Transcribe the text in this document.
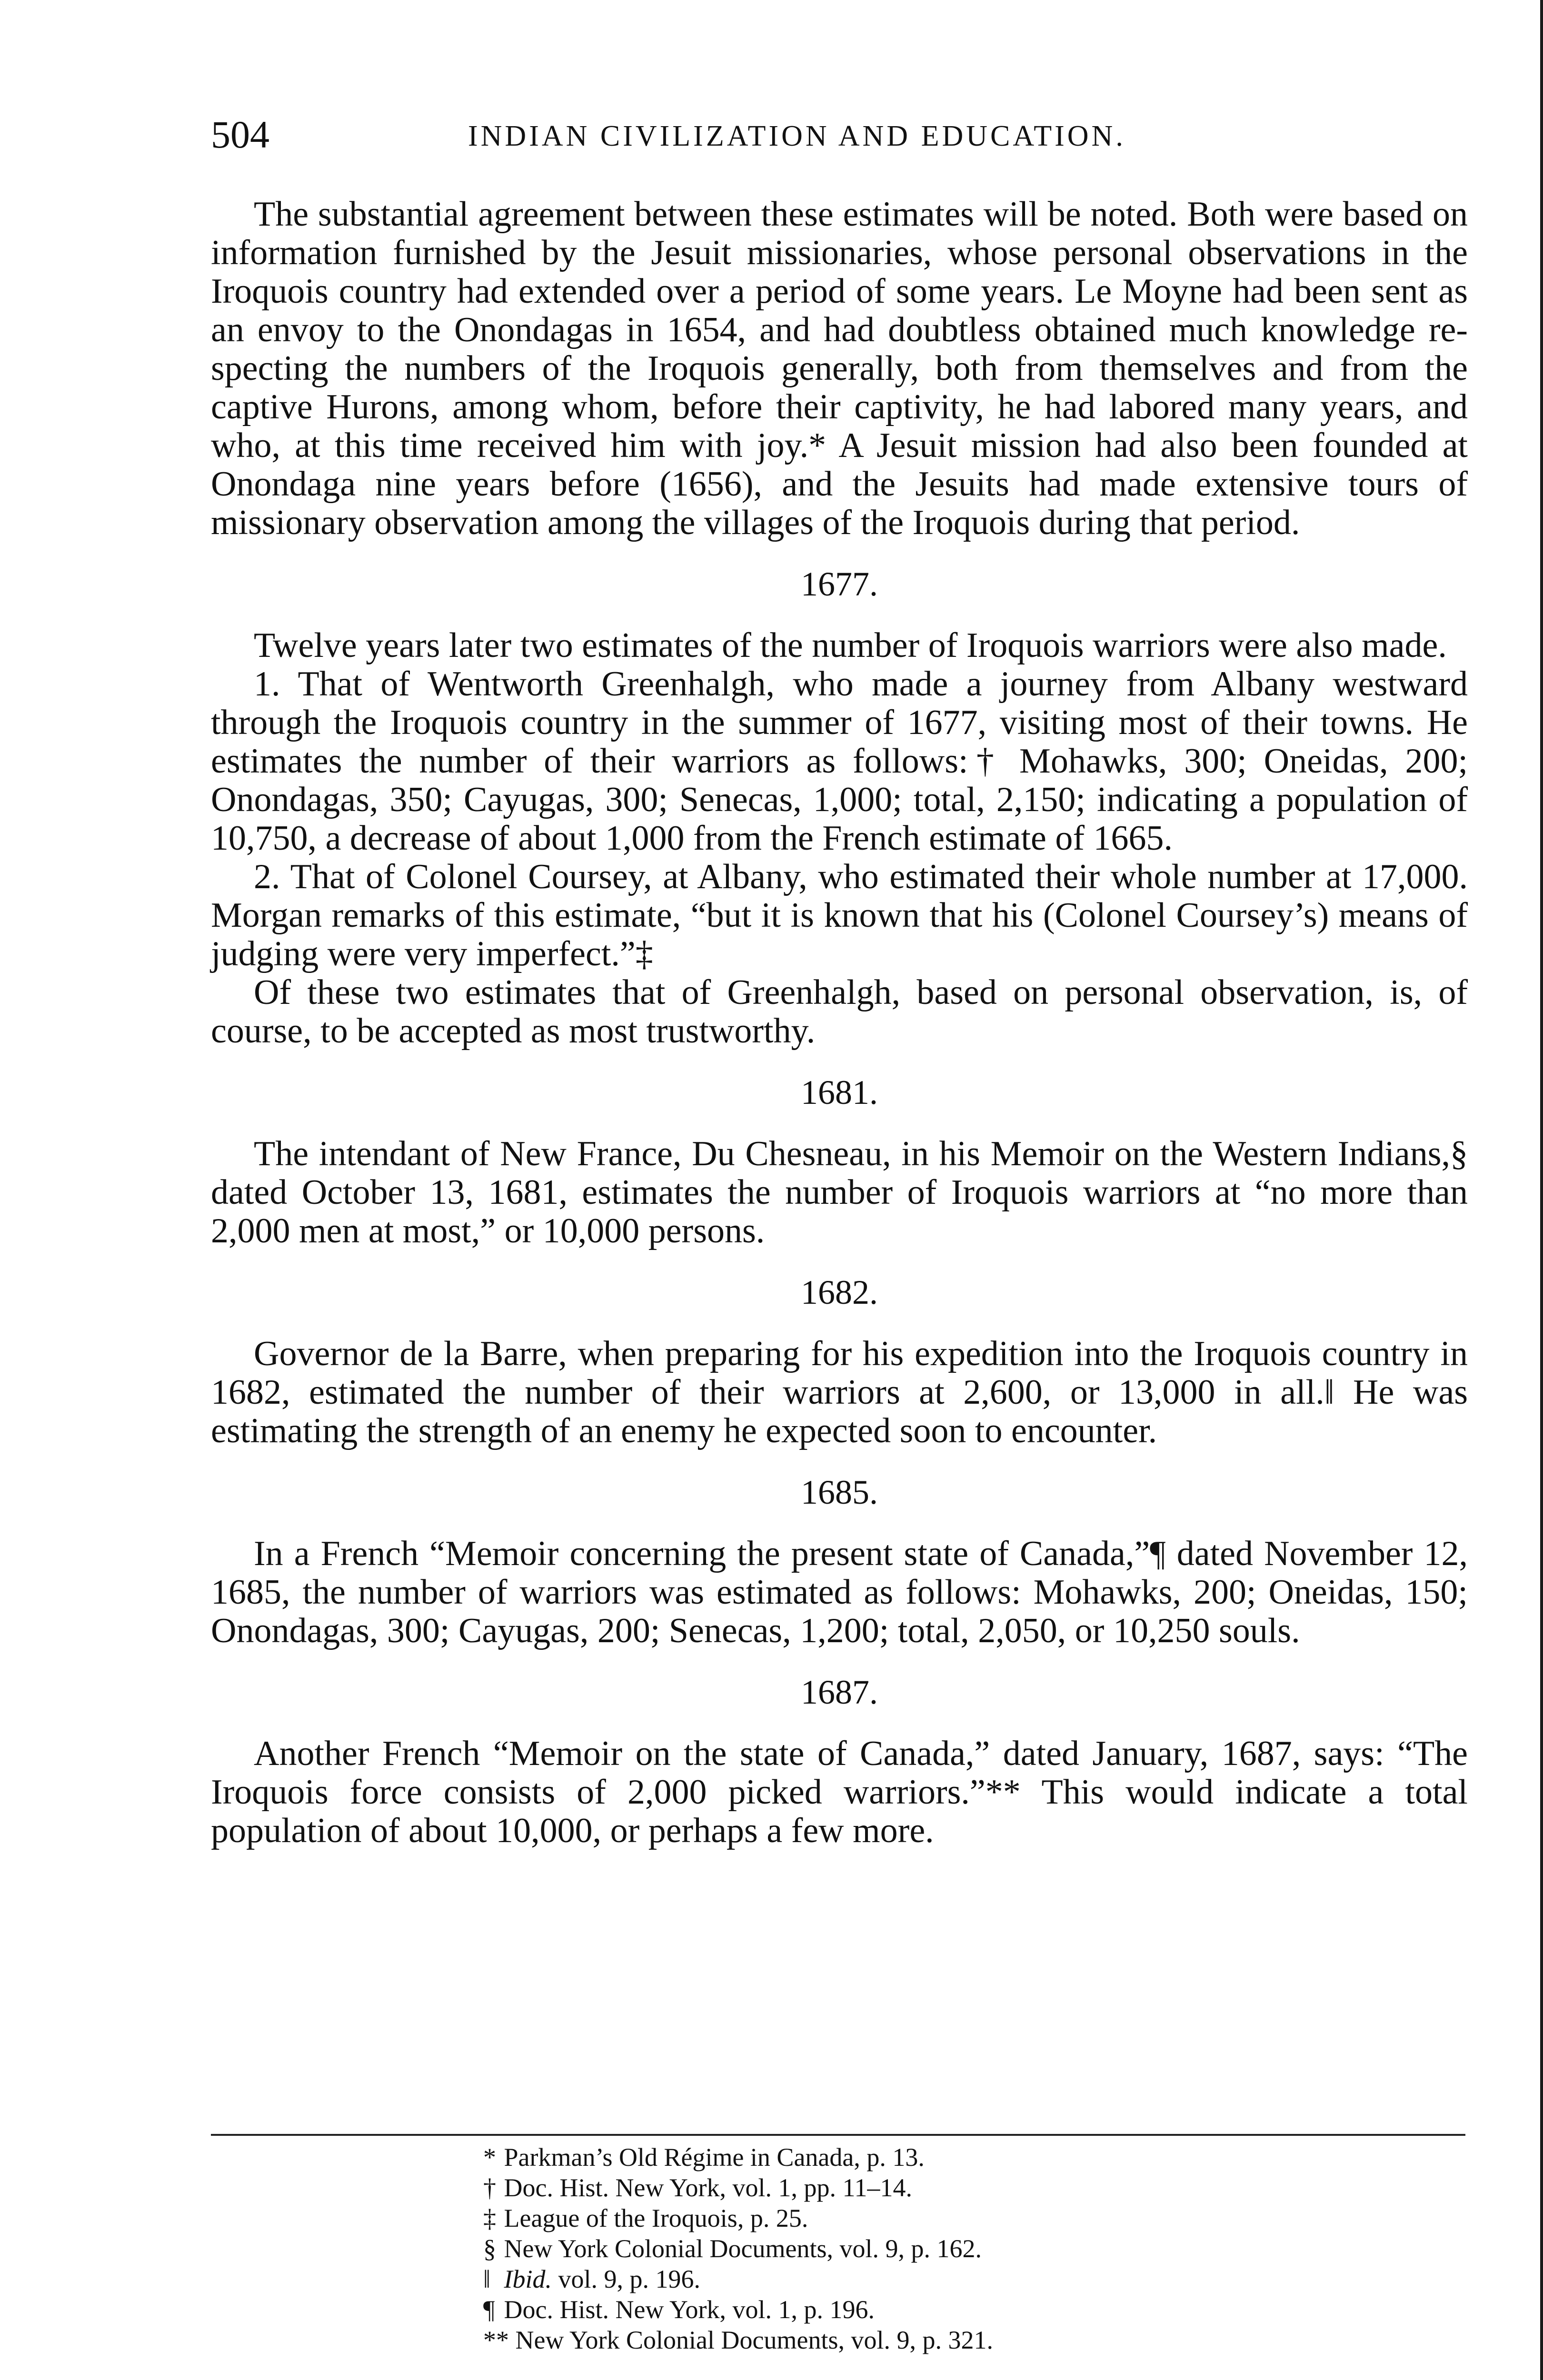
504	INDIAN CIVILIZATION AND EDUCATION.

The substantial agreement between these estimates will be noted. Both were based on information furnished by the Jesuit missionaries, whose personal observations in the Iroquois country had extended over a period of some years. Le Moyne had been sent as an envoy to the Onondagas in 1654, and had doubtless obtained much knowledge respecting the numbers of the Iroquois generally, both from themselves and from the captive Hurons, among whom, before their captivity, he had labored many years, and who, at this time received him with joy.* A Jesuit mission had also been founded at Onondaga nine years before (1656), and the Jesuits had made extensive tours of missionary observation among the villages of the Iroquois during that period.

1677.

Twelve years later two estimates of the number of Iroquois warriors were also made.

1. That of Wentworth Greenhalgh, who made a journey from Albany westward through the Iroquois country in the summer of 1677, visiting most of their towns. He estimates the number of their warriors as follows:† Mohawks, 300; Oneidas, 200; Onondagas, 350; Cayugas, 300; Senecas, 1,000; total, 2,150; indicating a population of 10,750, a decrease of about 1,000 from the French estimate of 1665.

2. That of Colonel Coursey, at Albany, who estimated their whole number at 17,000. Morgan remarks of this estimate, “but it is known that his (Colonel Coursey’s) means of judging were very imperfect.”‡

Of these two estimates that of Greenhalgh, based on personal observation, is, of course, to be accepted as most trustworthy.

1681.

The intendant of New France, Du Chesneau, in his Memoir on the Western Indians,§ dated October 13, 1681, estimates the number of Iroquois warriors at “no more than 2,000 men at most,” or 10,000 persons.

1682.

Governor de la Barre, when preparing for his expedition into the Iroquois country in 1682, estimated the number of their warriors at 2,600, or 13,000 in all.‖ He was estimating the strength of an enemy he expected soon to encounter.

1685.

In a French “Memoir concerning the present state of Canada,”¶ dated November 12, 1685, the number of warriors was estimated as follows: Mohawks, 200; Oneidas, 150; Onondagas, 300; Cayugas, 200; Senecas, 1,200; total, 2,050, or 10,250 souls.

1687.

Another French “Memoir on the state of Canada,” dated January, 1687, says: “The Iroquois force consists of 2,000 picked warriors.”** This would indicate a total population of about 10,000, or perhaps a few more.

* Parkman’s Old Régime in Canada, p. 13.

† Doc. Hist. New York, vol. 1, pp. 11–14.

‡ League of the Iroquois, p. 25.

§ New York Colonial Documents, vol. 9, p. 162.

‖ Ibid. vol. 9, p. 196.

¶ Doc. Hist. New York, vol. 1, p. 196.

** New York Colonial Documents, vol. 9, p. 321.
